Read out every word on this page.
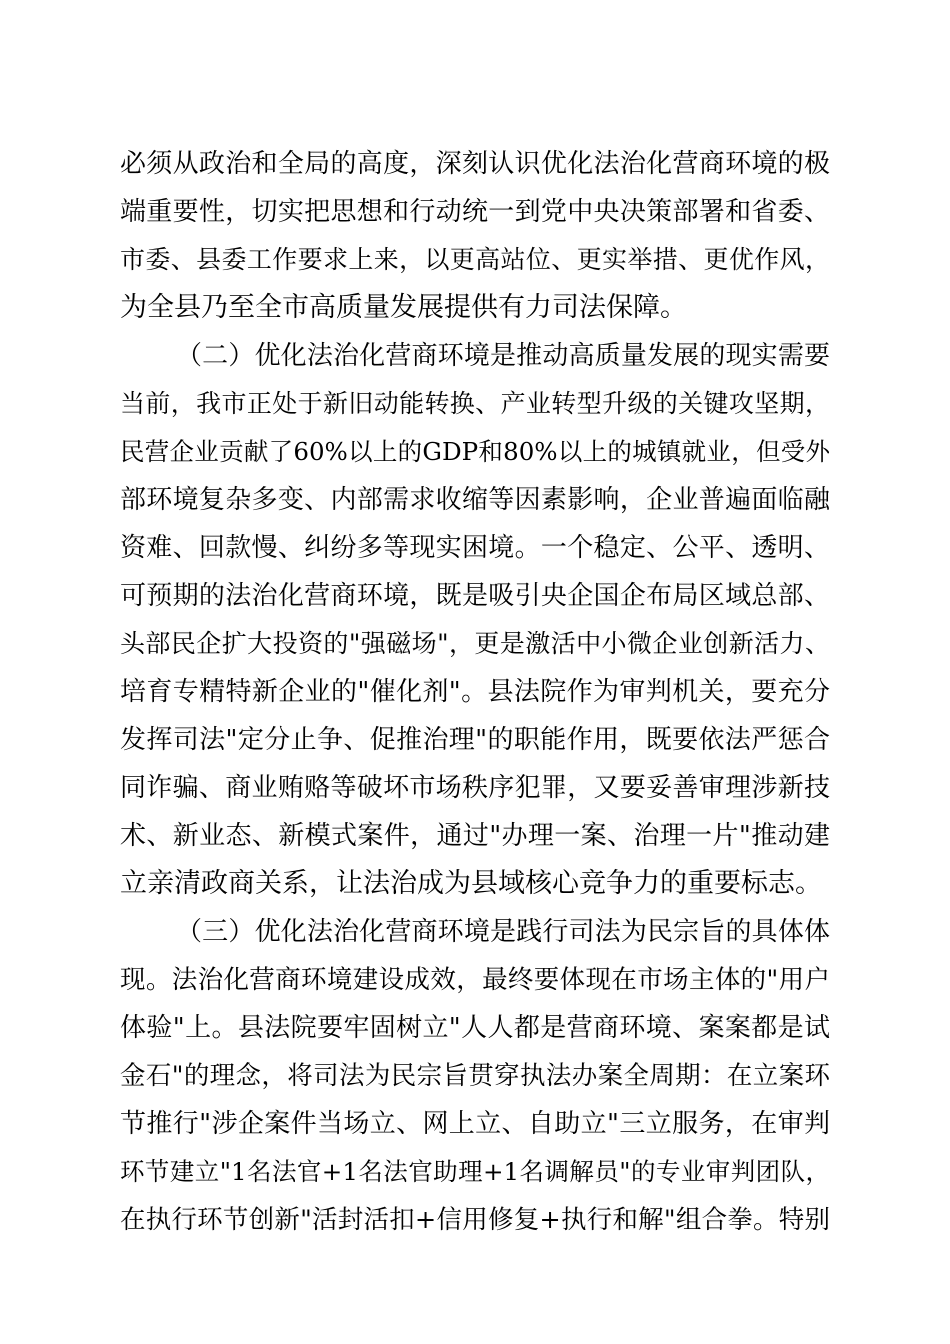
必须从政治和全局的高度，深刻认识优化法治化营商环境的极
端重要性，切实把思想和行动统一到党中央决策部署和省委、
市委、县委工作要求上来，以更高站位、更实举措、更优作风，
为全县乃至全市高质量发展提供有力司法保障。
（二）优化法治化营商环境是推动高质量发展的现实需要
当前，我市正处于新旧动能转换、产业转型升级的关键攻坚期，
民营企业贡献了60%以上的GDP和80%以上的城镇就业，但受外
部环境复杂多变、内部需求收缩等因素影响，企业普遍面临融
资难、回款慢、纠纷多等现实困境。一个稳定、公平、透明、
可预期的法治化营商环境，既是吸引央企国企布局区域总部、
头部民企扩大投资的"强磁场"，更是激活中小微企业创新活力、
培育专精特新企业的"催化剂"。县法院作为审判机关，要充分
发挥司法"定分止争、促推治理"的职能作用，既要依法严惩合
同诈骗、商业贿赂等破坏市场秩序犯罪，又要妥善审理涉新技
术、新业态、新模式案件，通过"办理一案、治理一片"推动建
立亲清政商关系，让法治成为县域核心竞争力的重要标志。
（三）优化法治化营商环境是践行司法为民宗旨的具体体
现。法治化营商环境建设成效，最终要体现在市场主体的"用户
体验"上。县法院要牢固树立"人人都是营商环境、案案都是试
金石"的理念，将司法为民宗旨贯穿执法办案全周期：在立案环
节推行"涉企案件当场立、网上立、自助立"三立服务，在审判
环节建立"1名法官+1名法官助理+1名调解员"的专业审判团队，
在执行环节创新"活封活扣+信用修复+执行和解"组合拳。特别
